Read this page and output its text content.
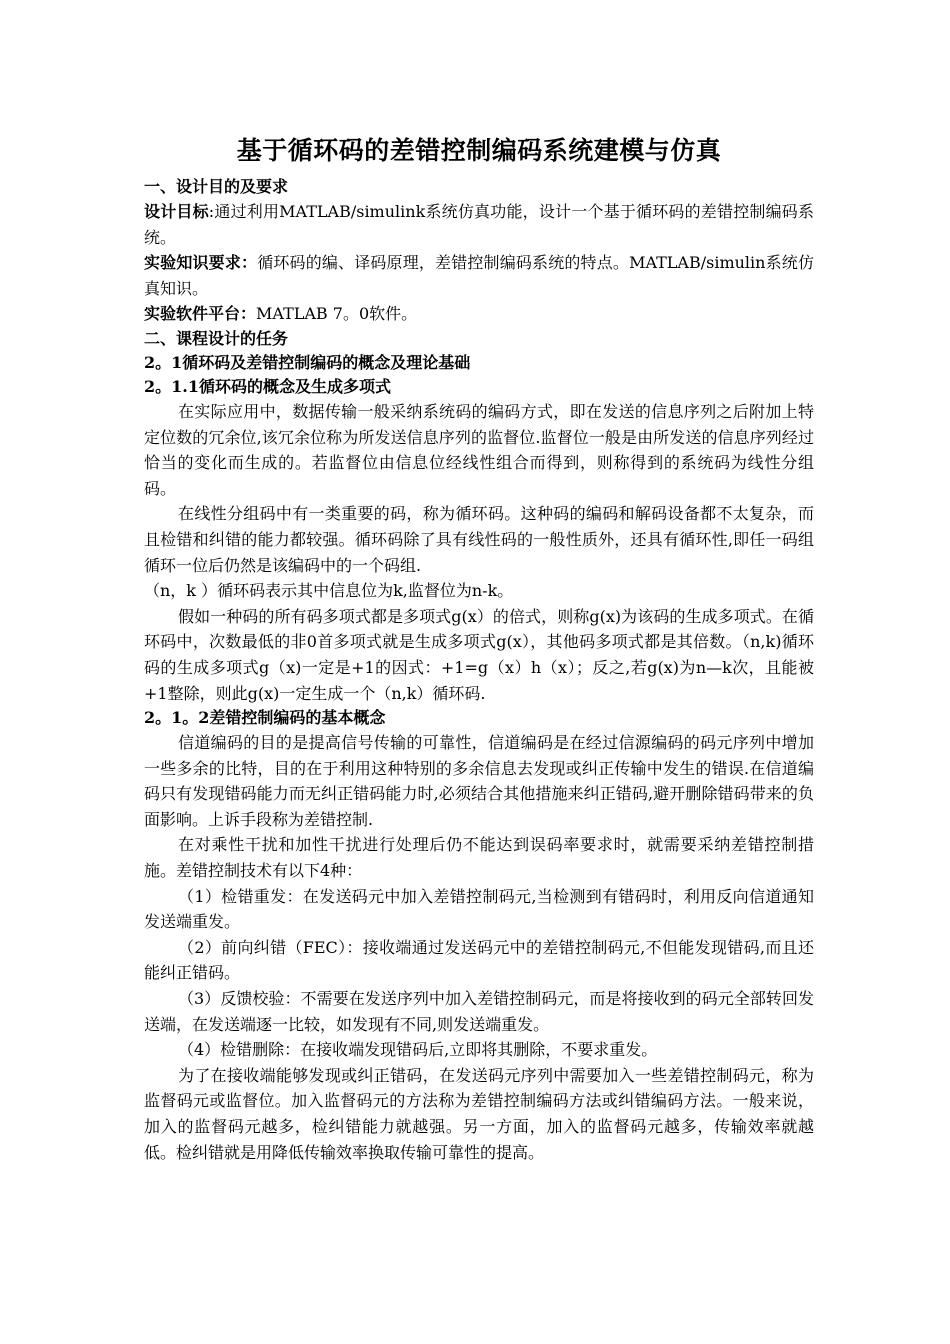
基于循环码的差错控制编码系统建模与仿真
一、设计目的及要求

设计目标:通过利用MATLAB/simulink系统仿真功能，设计一个基于循环码的差错控制编码系统。

实验知识要求：循环码的编、译码原理，差错控制编码系统的特点。MATLAB/simulin系统仿真知识。

实验软件平台：MATLAB 7。0软件。

二、课程设计的任务
2。1循环码及差错控制编码的概念及理论基础
2。1.1循环码的概念及生成多项式

在实际应用中，数据传输一般采纳系统码的编码方式，即在发送的信息序列之后附加上特定位数的冗余位,该冗余位称为所发送信息序列的监督位.监督位一般是由所发送的信息序列经过恰当的变化而生成的。若监督位由信息位经线性组合而得到，则称得到的系统码为线性分组码。

在线性分组码中有一类重要的码，称为循环码。这种码的编码和解码设备都不太复杂，而且检错和纠错的能力都较强。循环码除了具有线性码的一般性质外，还具有循环性,即任一码组循环一位后仍然是该编码中的一个码组.

（n，k ）循环码表示其中信息位为k,监督位为n-k。

假如一种码的所有码多项式都是多项式g(x）的倍式，则称g(x)为该码的生成多项式。在循环码中，次数最低的非0首多项式就是生成多项式g(x），其他码多项式都是其倍数。（n,k)循环码的生成多项式g（x)一定是+1的因式：+1=g（x）h（x）；反之,若g(x)为n—k次，且能被+1整除，则此g(x)一定生成一个（n,k）循环码.

2。1。2差错控制编码的基本概念

信道编码的目的是提高信号传输的可靠性，信道编码是在经过信源编码的码元序列中增加一些多余的比特，目的在于利用这种特别的多余信息去发现或纠正传输中发生的错误.在信道编码只有发现错码能力而无纠正错码能力时,必须结合其他措施来纠正错码,避开删除错码带来的负面影响。上诉手段称为差错控制.

在对乘性干扰和加性干扰进行处理后仍不能达到误码率要求时，就需要采纳差错控制措施。差错控制技术有以下4种：

（1）检错重发：在发送码元中加入差错控制码元,当检测到有错码时，利用反向信道通知发送端重发。

（2）前向纠错（FEC）：接收端通过发送码元中的差错控制码元,不但能发现错码,而且还能纠正错码。

（3）反馈校验：不需要在发送序列中加入差错控制码元，而是将接收到的码元全部转回发送端，在发送端逐一比较，如发现有不同,则发送端重发。

（4）检错删除：在接收端发现错码后,立即将其删除，不要求重发。

为了在接收端能够发现或纠正错码，在发送码元序列中需要加入一些差错控制码元，称为监督码元或监督位。加入监督码元的方法称为差错控制编码方法或纠错编码方法。一般来说，加入的监督码元越多，检纠错能力就越强。另一方面，加入的监督码元越多，传输效率就越低。检纠错就是用降低传输效率换取传输可靠性的提高。
